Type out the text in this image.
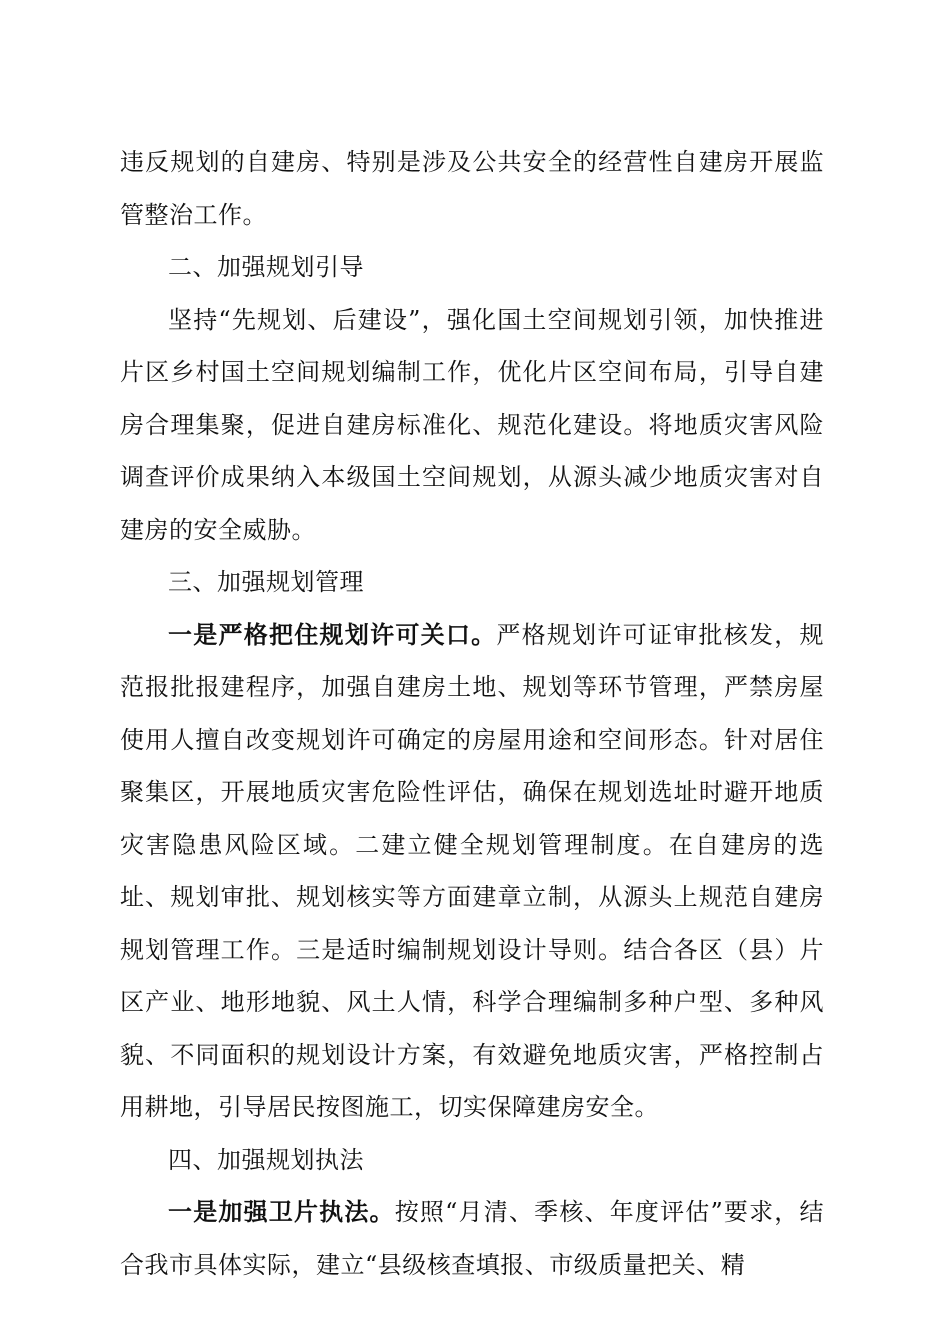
违反规划的自建房、特别是涉及公共安全的经营性自建房开展监管整治工作。

二、加强规划引导

坚持“先规划、后建设”，强化国土空间规划引领，加快推进片区乡村国土空间规划编制工作，优化片区空间布局，引导自建房合理集聚，促进自建房标准化、规范化建设。将地质灾害风险调查评价成果纳入本级国土空间规划，从源头减少地质灾害对自建房的安全威胁。

三、加强规划管理

一是严格把住规划许可关口。严格规划许可证审批核发，规范报批报建程序，加强自建房土地、规划等环节管理，严禁房屋使用人擅自改变规划许可确定的房屋用途和空间形态。针对居住聚集区，开展地质灾害危险性评估，确保在规划选址时避开地质灾害隐患风险区域。二建立健全规划管理制度。在自建房的选址、规划审批、规划核实等方面建章立制，从源头上规范自建房规划管理工作。三是适时编制规划设计导则。结合各区（县）片区产业、地形地貌、风土人情，科学合理编制多种户型、多种风貌、不同面积的规划设计方案，有效避免地质灾害，严格控制占用耕地，引导居民按图施工，切实保障建房安全。

四、加强规划执法

一是加强卫片执法。按照“月清、季核、年度评估”要求，结合我市具体实际，建立“县级核查填报、市级质量把关、精
